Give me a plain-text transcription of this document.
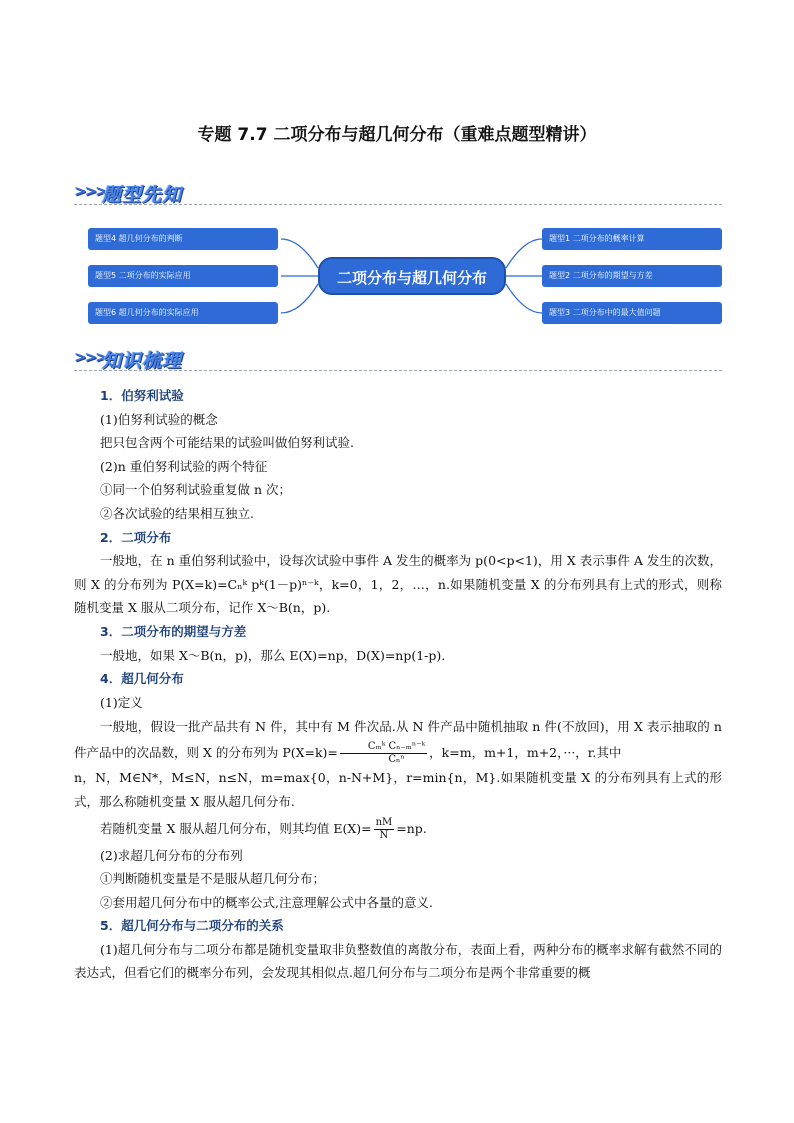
专题 7.7 二项分布与超几何分布（重难点题型精讲）
>>>
题型先知
题型4 超几何分布的判断
题型5 二项分布的实际应用
题型6 超几何分布的实际应用
二项分布与超几何分布
题型1 二项分布的概率计算
题型2 二项分布的期望与方差
题型3 二项分布中的最大值问题
>>>
知识梳理

1．伯努利试验

(1)伯努利试验的概念

把只包含两个可能结果的试验叫做伯努利试验.

(2)n 重伯努利试验的两个特征

①同一个伯努利试验重复做 n 次；

②各次试验的结果相互独立.

2．二项分布

一般地，在 n 重伯努利试验中，设每次试验中事件 A 发生的概率为 p(0<p<1)，用 X 表示事件 A 发生的次数，则 X 的分布列为 P(X=k)=Cₙᵏ pᵏ(1－p)ⁿ⁻ᵏ，k=0，1，2，…，n.如果随机变量 X 的分布列具有上式的形式，则称随机变量 X 服从二项分布，记作 X～B(n，p).

3．二项分布的期望与方差

一般地，如果 X～B(n，p)，那么 E(X)=np，D(X)=np(1-p).

4．超几何分布

(1)定义

一般地，假设一批产品共有 N 件，其中有 M 件次品.从 N 件产品中随机抽取 n 件(不放回)，用 X 表示抽取的 n 件产品中的次品数，则 X 的分布列为 $P(X=k)= \frac{\text{Cₘᵏ Cₙ₋ₘⁿ⁻ᵏ}}{\text{Cₙⁿ}}$ ，k=m，m+1，m+2，···，r.其中

n，N，M∈N*，M≤N，n≤N，m=max{0，n-N+M}，r=min{n，M}.如果随机变量 X 的分布列具有上式的形式，那么称随机变量 X 服从超几何分布.

若随机变量 X 服从超几何分布，则其均值 $E(X)= \frac{nM}{N} =np$.

(2)求超几何分布的分布列

①判断随机变量是不是服从超几何分布；

②套用超几何分布中的概率公式,注意理解公式中各量的意义.

5．超几何分布与二项分布的关系

(1)超几何分布与二项分布都是随机变量取非负整数值的离散分布，表面上看，两种分布的概率求解有截然不同的表达式，但看它们的概率分布列，会发现其相似点.超几何分布与二项分布是两个非常重要的概
